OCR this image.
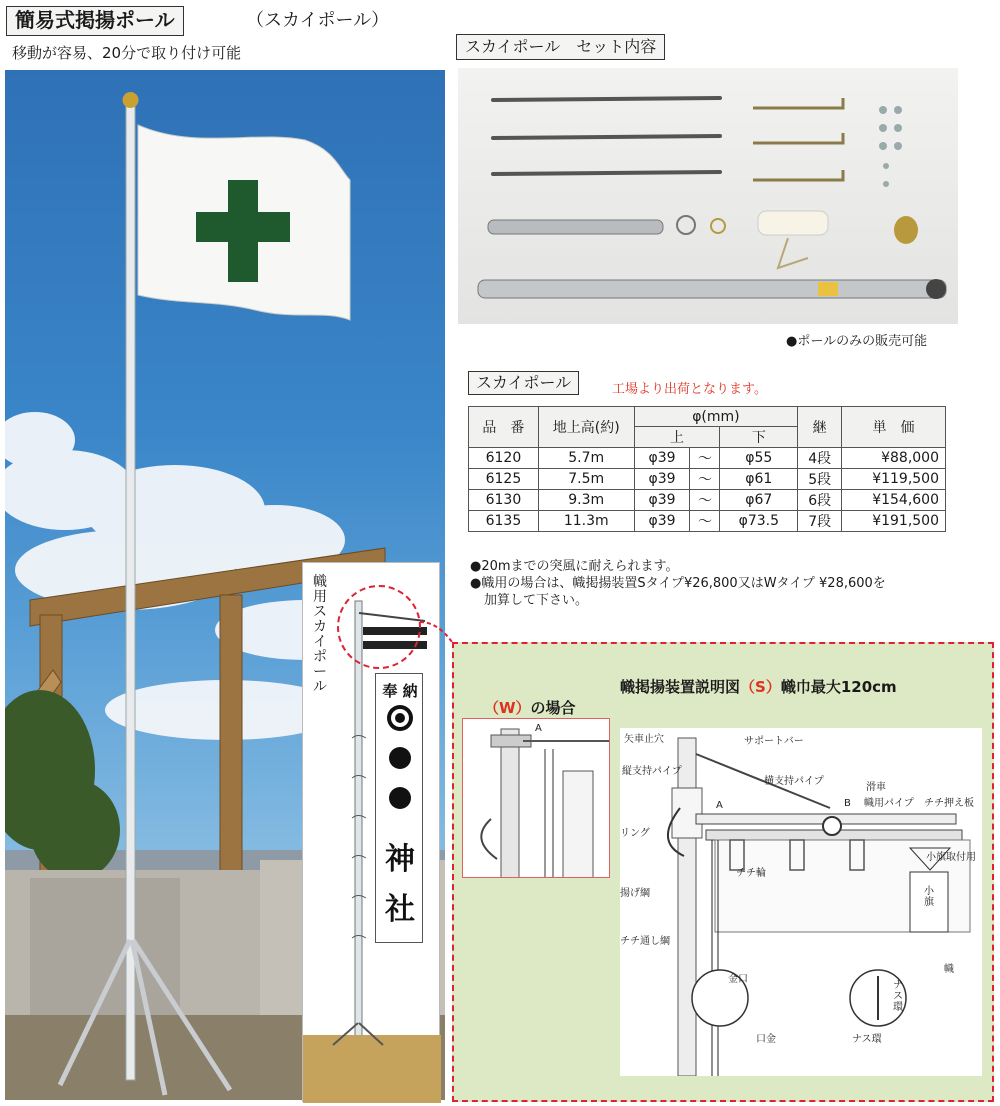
簡易式掲揚ポール	（スカイポール）
移動が容易、20分で取り付け可能
幟
用
ス
カ
イ
ポ
ー
ル	奉 納
神
社
スカイポール　セット内容
●ポールのみの販売可能
スカイポール	工場より出荷となります。
品　番	地上高(約)	φ(mm)			継	単　価
		上		下		
6120	5.7m	φ39	〜	φ55	4段	¥88,000
6125	7.5m	φ39	〜	φ61	5段	¥119,500
6130	9.3m	φ39	〜	φ67	6段	¥154,600
6135	11.3m	φ39	〜	φ73.5	7段	¥191,500
●20mまでの突風に耐えられます。
●幟用の場合は、幟掲揚装置Sタイプ¥26,800又はWタイプ ¥28,600を
加算して下さい。
幟掲揚装置説明図（S）幟巾最大120cm
（W）の場合
A
矢車止穴	サポートバー
縦支持パイプ
横支持パイプ
滑車
A	B 幟用パイプ チチ押え板
小旗取付用
リング
チチ輪
揚げ綱
チチ通し綱
金口
口金	ナス環
ナス環
幟
小旗
